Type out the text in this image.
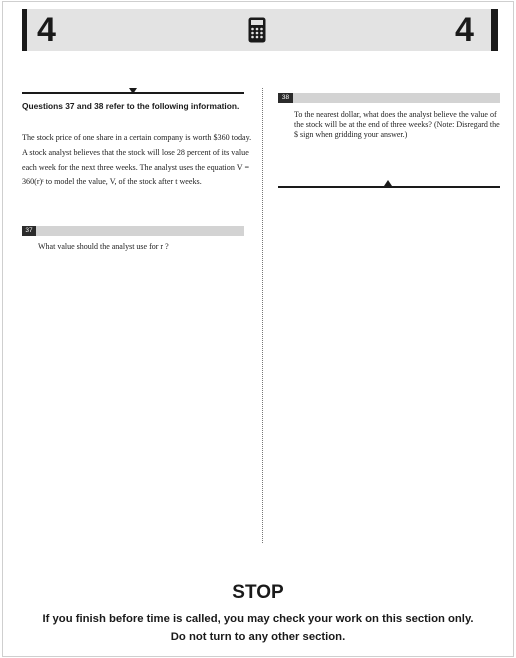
4	4
Questions 37 and 38 refer to the following information.
The stock price of one share in a certain company is worth $360 today. A stock analyst believes that the stock will lose 28 percent of its value each week for the next three weeks. The analyst uses the equation V = 360(r)ᵗ to model the value, V, of the stock after t weeks.
37
What value should the analyst use for r ?
38
To the nearest dollar, what does the analyst believe the value of the stock will be at the end of three weeks? (Note: Disregard the $ sign when gridding your answer.)
STOP
If you finish before time is called, you may check your work on this section only.
Do not turn to any other section.
